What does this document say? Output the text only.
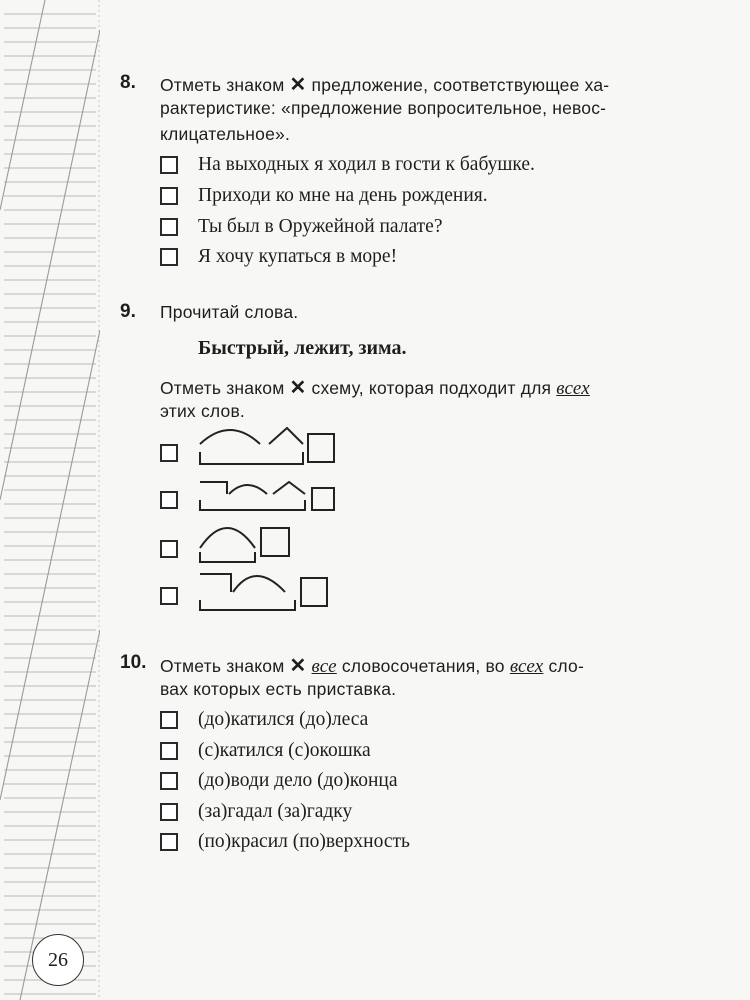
8. Отметь знаком ✕ предложение, соответствующее ха-
рактеристике: «предложение вопросительное, невос-
клицательное».
На выходных я ходил в гости к бабушке.
Приходи ко мне на день рождения.
Ты был в Оружейной палате?
Я хочу купаться в море!
9. Прочитай слова.
Быстрый, лежит, зима.
Отметь знаком ✕ схему, которая подходит для всех
этих слов.
10. Отметь знаком ✕ все словосочетания, во всех сло-
вах которых есть приставка.
(до)катился (до)леса
(с)катился (с)окошка
(до)води дело (до)конца
(за)гадал (за)гадку
(по)красил (по)верхность
26
